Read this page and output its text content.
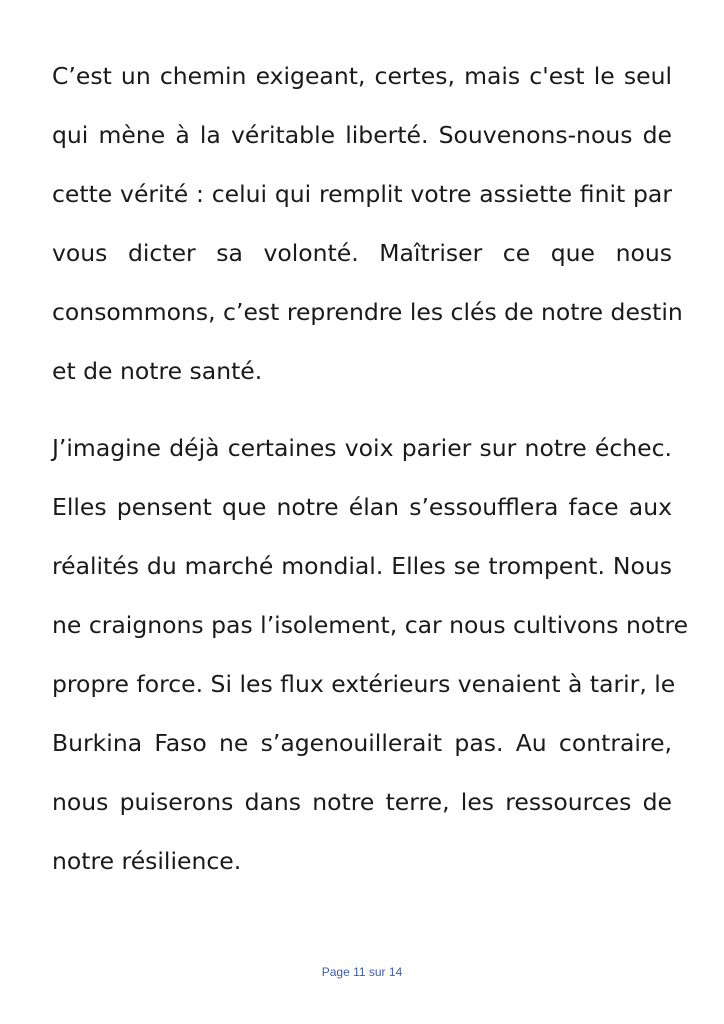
C’est un chemin exigeant, certes, mais c'est le seul
qui mène à la véritable liberté. Souvenons-nous de
cette vérité : celui qui remplit votre assiette finit par
vous dicter sa volonté. Maîtriser ce que nous
consommons, c’est reprendre les clés de notre destin
et de notre santé.
J’imagine déjà certaines voix parier sur notre échec.
Elles pensent que notre élan s’essoufflera face aux
réalités du marché mondial. Elles se trompent. Nous
ne craignons pas l’isolement, car nous cultivons notre
propre force. Si les flux extérieurs venaient à tarir, le
Burkina Faso ne s’agenouillerait pas. Au contraire,
nous puiserons dans notre terre, les ressources de
notre résilience.
Page 11 sur 14
